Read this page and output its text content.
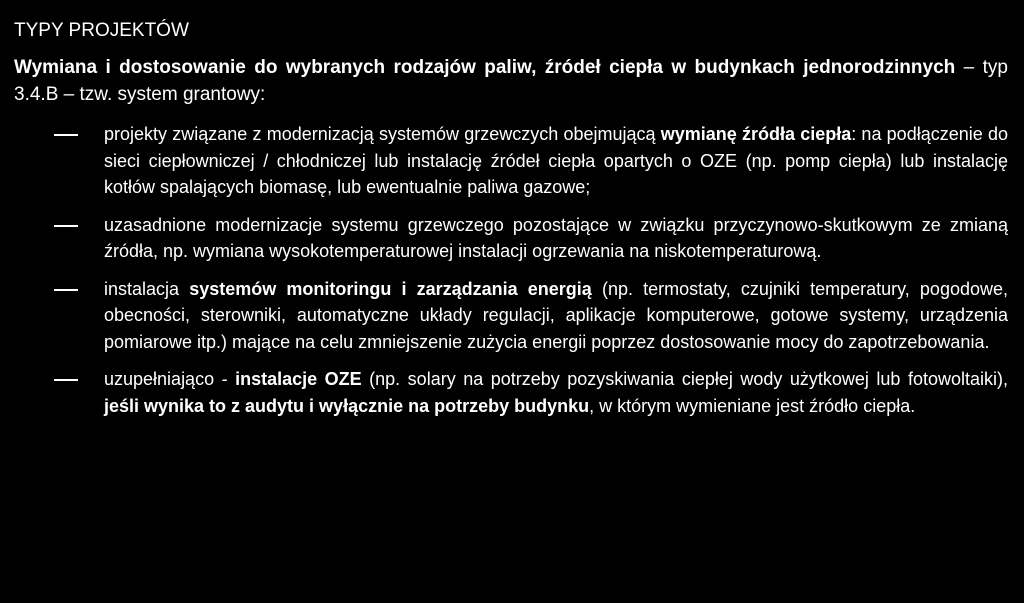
TYPY PROJEKTÓW
Wymiana i dostosowanie do wybranych rodzajów paliw, źródeł ciepła w budynkach jednorodzinnych – typ 3.4.B – tzw. system grantowy:
projekty związane z modernizacją systemów grzewczych obejmującą wymianę źródła ciepła: na podłączenie do sieci ciepłowniczej / chłodniczej lub instalację źródeł ciepła opartych o OZE (np. pomp ciepła) lub instalację kotłów spalających biomasę, lub ewentualnie paliwa gazowe;
uzasadnione modernizacje systemu grzewczego pozostające w związku przyczynowo-skutkowym ze zmianą źródła, np. wymiana wysokotemperaturowej instalacji ogrzewania na niskotemperaturową.
instalacja systemów monitoringu i zarządzania energią (np. termostaty, czujniki temperatury, pogodowe, obecności, sterowniki, automatyczne układy regulacji, aplikacje komputerowe, gotowe systemy, urządzenia pomiarowe itp.) mające na celu zmniejszenie zużycia energii poprzez dostosowanie mocy do zapotrzebowania.
uzupełniająco - instalacje OZE (np. solary na potrzeby pozyskiwania ciepłej wody użytkowej lub fotowoltaiki), jeśli wynika to z audytu i wyłącznie na potrzeby budynku, w którym wymieniane jest źródło ciepła.
